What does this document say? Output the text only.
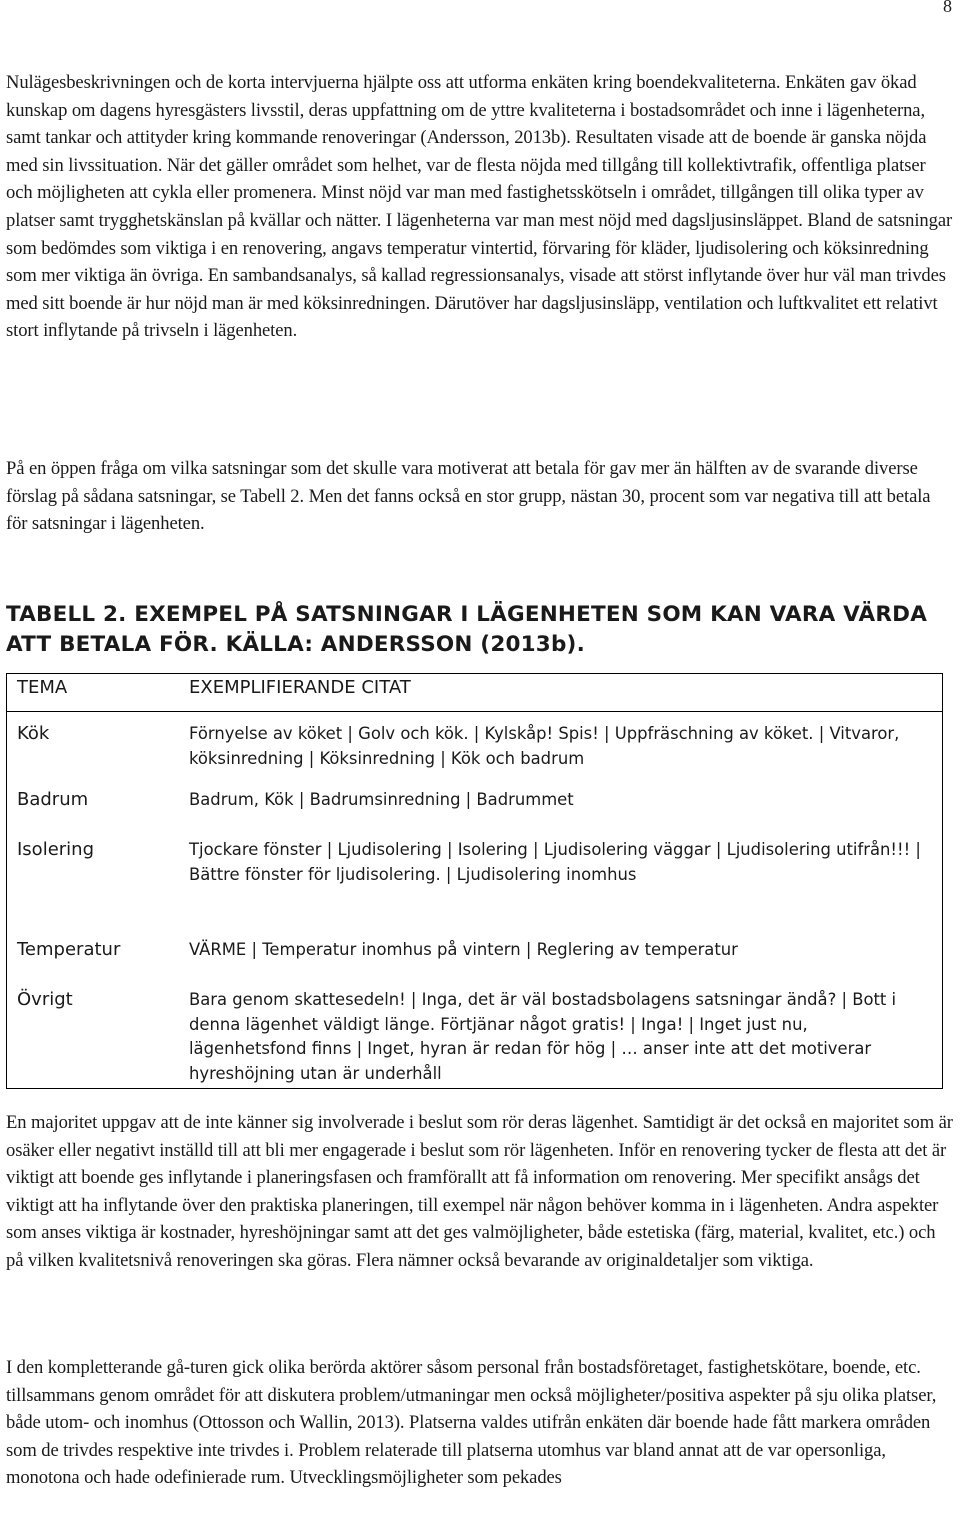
8

Nulägesbeskrivningen och de korta intervjuerna hjälpte oss att utforma enkäten kring boendekvaliteterna. Enkäten gav ökad kunskap om dagens hyresgästers livsstil, deras uppfattning om de yttre kvaliteterna i bostadsområdet och inne i lägenheterna, samt tankar och attityder kring kommande renoveringar (Andersson, 2013b). Resultaten visade att de boende är ganska nöjda med sin livssituation. När det gäller området som helhet, var de flesta nöjda med tillgång till kollektivtrafik, offentliga platser och möjligheten att cykla eller promenera. Minst nöjd var man med fastighetsskötseln i området, tillgången till olika typer av platser samt trygghetskänslan på kvällar och nätter. I lägenheterna var man mest nöjd med dagsljusinsläppet. Bland de satsningar som bedömdes som viktiga i en renovering, angavs temperatur vintertid, förvaring för kläder, ljudisolering och köksinredning som mer viktiga än övriga. En sambandsanalys, så kallad regressionsanalys, visade att störst inflytande över hur väl man trivdes med sitt boende är hur nöjd man är med köksinredningen. Därutöver har dagsljusinsläpp, ventilation och luftkvalitet ett relativt stort inflytande på trivseln i lägenheten.

På en öppen fråga om vilka satsningar som det skulle vara motiverat att betala för gav mer än hälften av de svarande diverse förslag på sådana satsningar, se Tabell 2. Men det fanns också en stor grupp, nästan 30, procent som var negativa till att betala för satsningar i lägenheten.

TABELL 2. EXEMPEL PÅ SATSNINGAR I LÄGENHETEN SOM KAN VARA VÄRDA ATT BETALA FÖR. KÄLLA: ANDERSSON (2013b).
TEMA	EXEMPLIFIERANDE CITAT
Kök	Förnyelse av köket | Golv och kök. | Kylskåp! Spis! | Uppfräschning av köket. | Vitvaror, köksinredning | Köksinredning | Kök och badrum
Badrum	Badrum, Kök | Badrumsinredning | Badrummet
Isolering	Tjockare fönster | Ljudisolering | Isolering | Ljudisolering väggar | Ljudisolering utifrån!!! | Bättre fönster för ljudisolering. | Ljudisolering inomhus
Temperatur	VÄRME | Temperatur inomhus på vintern | Reglering av temperatur
Övrigt	Bara genom skattesedeln! | Inga, det är väl bostadsbolagens satsningar ändå? | Bott i denna lägenhet väldigt länge. Förtjänar något gratis! | Inga! | Inget just nu, lägenhetsfond finns | Inget, hyran är redan för hög | … anser inte att det motiverar hyreshöjning utan är underhåll

En majoritet uppgav att de inte känner sig involverade i beslut som rör deras lägenhet. Samtidigt är det också en majoritet som är osäker eller negativt inställd till att bli mer engagerade i beslut som rör lägenheten. Inför en renovering tycker de flesta att det är viktigt att boende ges inflytande i planeringsfasen och framförallt att få information om renovering. Mer specifikt ansågs det viktigt att ha inflytande över den praktiska planeringen, till exempel när någon behöver komma in i lägenheten. Andra aspekter som anses viktiga är kostnader, hyreshöjningar samt att det ges valmöjligheter, både estetiska (färg, material, kvalitet, etc.) och på vilken kvalitetsnivå renoveringen ska göras. Flera nämner också bevarande av originaldetaljer som viktiga.

I den kompletterande gå-turen gick olika berörda aktörer såsom personal från bostadsföretaget, fastighetskötare, boende, etc. tillsammans genom området för att diskutera problem/utmaningar men också möjligheter/positiva aspekter på sju olika platser, både utom- och inomhus (Ottosson och Wallin, 2013). Platserna valdes utifrån enkäten där boende hade fått markera områden som de trivdes respektive inte trivdes i. Problem relaterade till platserna utomhus var bland annat att de var opersonliga, monotona och hade odefinierade rum. Utvecklingsmöjligheter som pekades
